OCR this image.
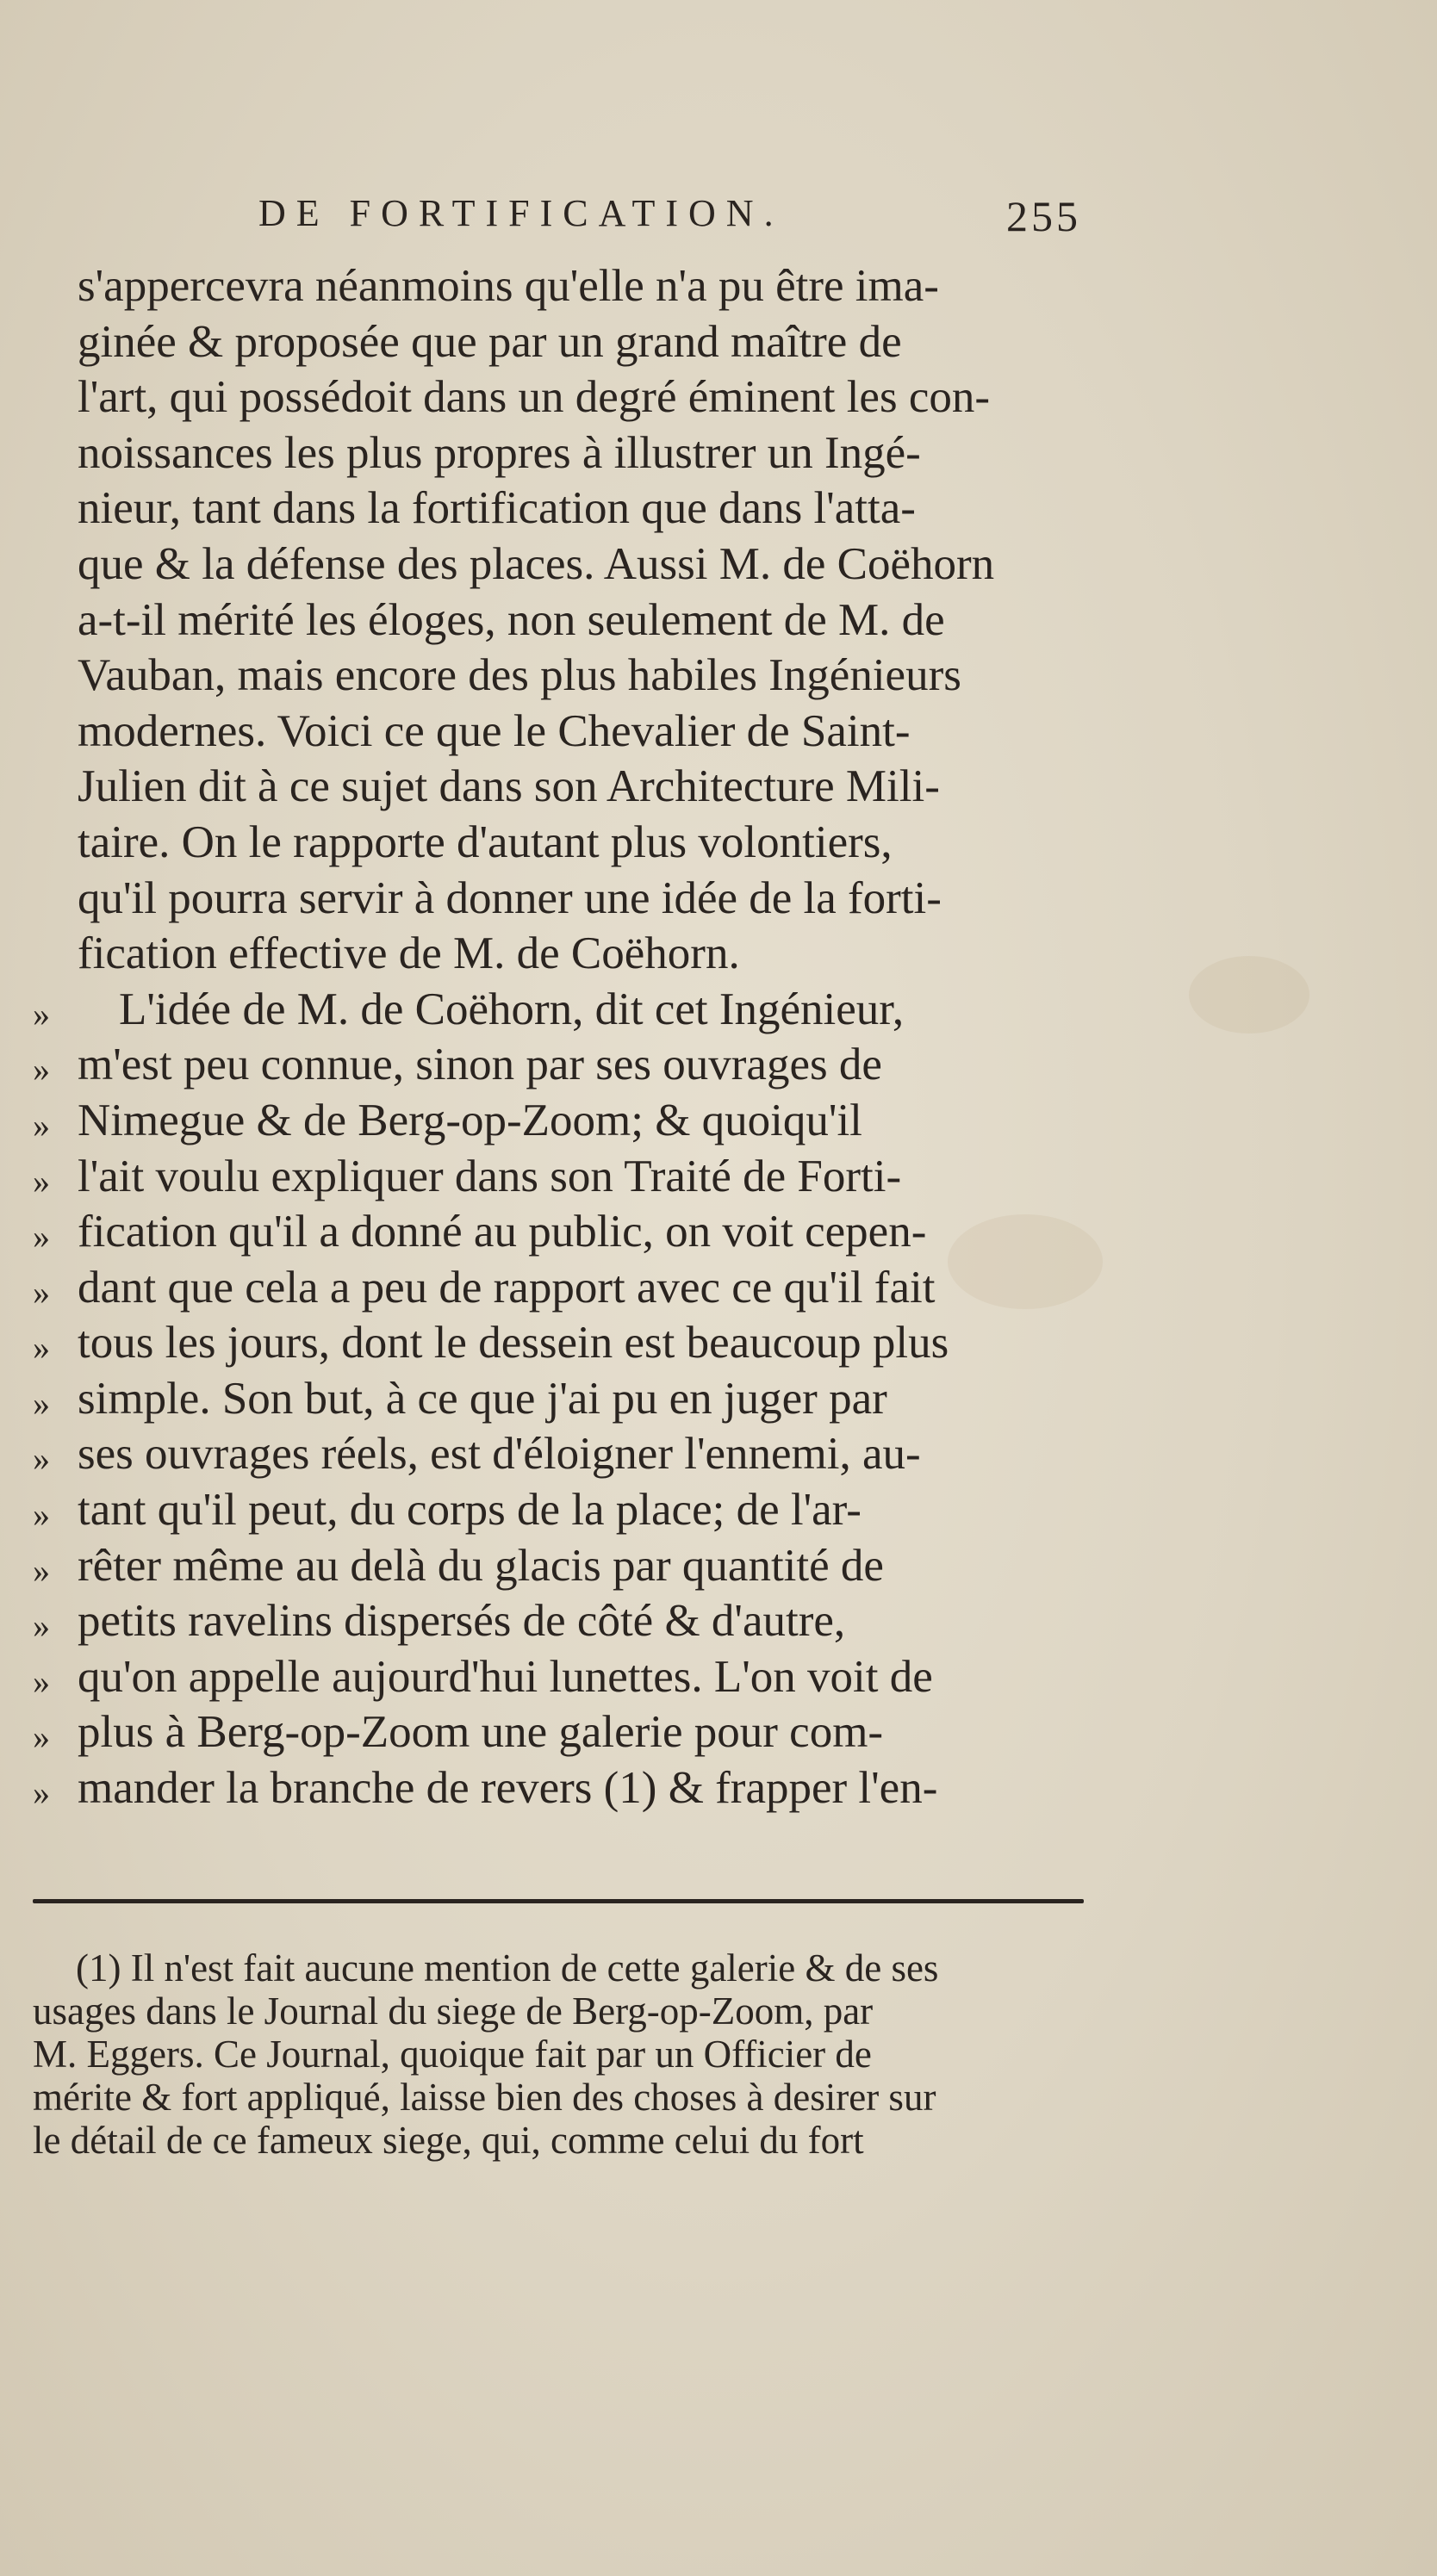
DE FORTIFICATION.	255
s'appercevra néanmoins qu'elle n'a pu être ima-
ginée & proposée que par un grand maître de
l'art, qui possédoit dans un degré éminent les con-
noissances les plus propres à illustrer un Ingé-
nieur, tant dans la fortification que dans l'atta-
que & la défense des places. Aussi M. de Coëhorn
a-t-il mérité les éloges, non seulement de M. de
Vauban, mais encore des plus habiles Ingénieurs
modernes. Voici ce que le Chevalier de Saint-
Julien dit à ce sujet dans son Architecture Mili-
taire. On le rapporte d'autant plus volontiers,
qu'il pourra servir à donner une idée de la forti-
fication effective de M. de Coëhorn.
»	L'idée de M. de Coëhorn, dit cet Ingénieur,
» m'est peu connue, sinon par ses ouvrages de
» Nimegue & de Berg-op-Zoom; & quoiqu'il
» l'ait voulu expliquer dans son Traité de Forti-
» fication qu'il a donné au public, on voit cepen-
» dant que cela a peu de rapport avec ce qu'il fait
» tous les jours, dont le dessein est beaucoup plus
» simple. Son but, à ce que j'ai pu en juger par
» ses ouvrages réels, est d'éloigner l'ennemi, au-
» tant qu'il peut, du corps de la place; de l'ar-
» rêter même au delà du glacis par quantité de
» petits ravelins dispersés de côté & d'autre,
» qu'on appelle aujourd'hui lunettes. L'on voit de
» plus à Berg-op-Zoom une galerie pour com-
» mander la branche de revers (1) & frapper l'en-
(1) Il n'est fait aucune mention de cette galerie & de ses
usages dans le Journal du siege de Berg-op-Zoom, par
M. Eggers. Ce Journal, quoique fait par un Officier de
mérite & fort appliqué, laisse bien des choses à desirer sur
le détail de ce fameux siege, qui, comme celui du fort
